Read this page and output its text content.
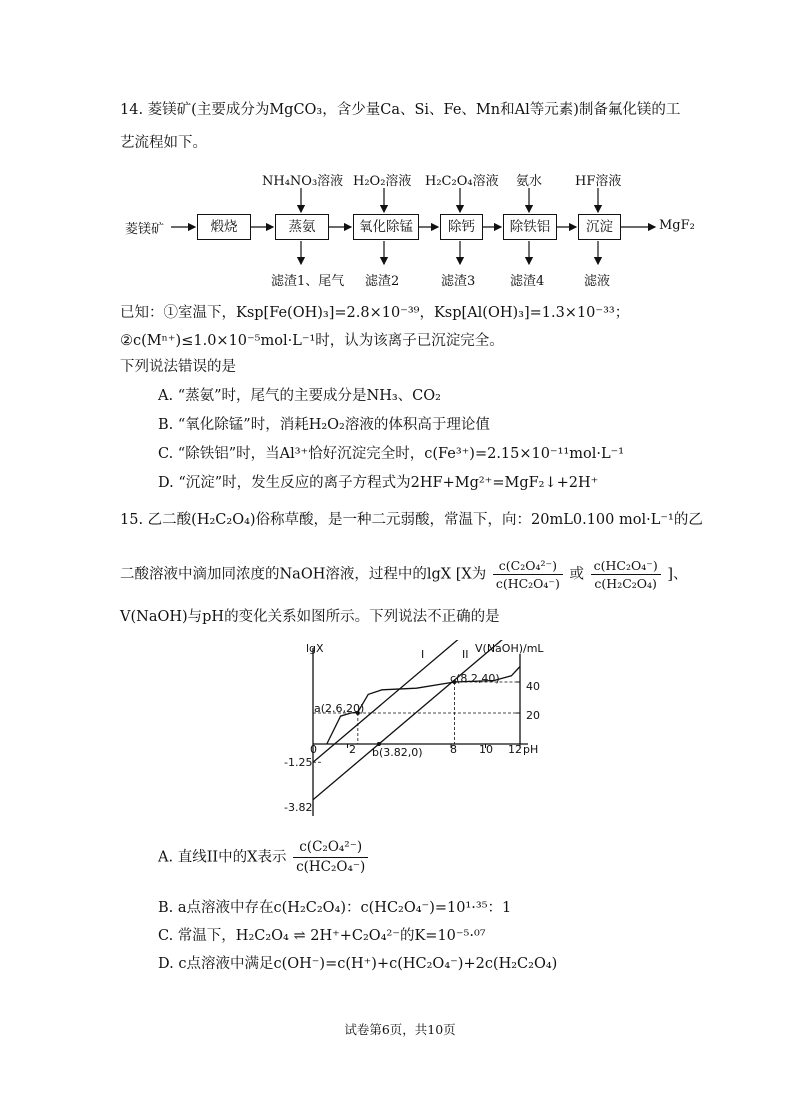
14. 菱镁矿(主要成分为MgCO₃，含少量Ca、Si、Fe、Mn和Al等元素)制备氟化镁的工
艺流程如下。
菱镁矿	煅烧	蒸氨	氧化除锰	除钙	除铁铝	沉淀	MgF₂
NH₄NO₃溶液 H₂O₂溶液 H₂C₂O₄溶液 氨水	HF溶液
滤渣1、尾气 滤渣2	滤渣3	滤渣4	滤液
已知：①室温下，Ksp[Fe(OH)₃]=2.8×10⁻³⁹，Ksp[Al(OH)₃]=1.3×10⁻³³；
②c(Mⁿ⁺)≤1.0×10⁻⁵mol·L⁻¹时，认为该离子已沉淀完全。
下列说法错误的是
A. “蒸氨”时，尾气的主要成分是NH₃、CO₂
B. “氧化除锰”时，消耗H₂O₂溶液的体积高于理论值
C. “除铁铝”时，当Al³⁺恰好沉淀完全时，c(Fe³⁺)=2.15×10⁻¹¹mol·L⁻¹
D. “沉淀”时，发生反应的离子方程式为2HF+Mg²⁺=MgF₂↓+2H⁺
15. 乙二酸(H₂C₂O₄)俗称草酸，是一种二元弱酸，常温下，向：20mL0.100 mol·L⁻¹的乙
二酸溶液中滴加同浓度的NaOH溶液，过程中的lgX [X为 $\frac{\text{c(C₂O₄²⁻)}}{\text{c(HC₂O₄⁻)}}$ 或 $\frac{\text{c(HC₂O₄⁻)}}{\text{c(H₂C₂O₄)}}$ ]、
V(NaOH)与pH的变化关系如图所示。下列说法不正确的是
lgX	V(NaOH)/mL
I	II
a(2.6,20)
b(3.82,0)
c(8.2,40)
-1.25
-3.82
20
40
0	2	8 10 12 pH
A. 直线II中的X表示 $\frac{\text{c(C₂O₄²⁻)}}{\text{c(HC₂O₄⁻)}}$
B. a点溶液中存在c(H₂C₂O₄)：c(HC₂O₄⁻)=10¹·³⁵：1
C. 常温下，H₂C₂O₄ ⇌ 2H⁺+C₂O₄²⁻的K=10⁻⁵·⁰⁷
D. c点溶液中满足c(OH⁻)=c(H⁺)+c(HC₂O₄⁻)+2c(H₂C₂O₄)
试卷第6页，共10页
